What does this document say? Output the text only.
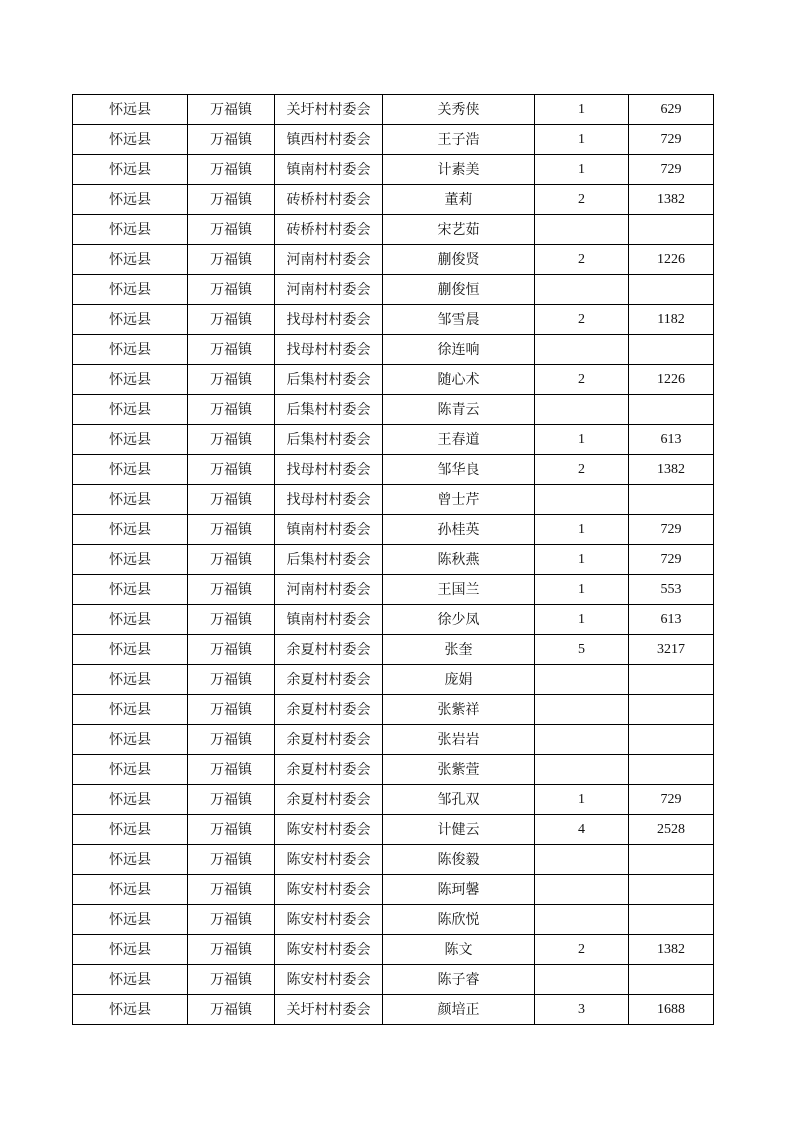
怀远县	万福镇	关圩村村委会	关秀侠	1	629
怀远县	万福镇	镇西村村委会	王子浩	1	729
怀远县	万福镇	镇南村村委会	计素美	1	729
怀远县	万福镇	砖桥村村委会	董莉	2	1382
怀远县	万福镇	砖桥村村委会	宋艺茹		
怀远县	万福镇	河南村村委会	蒯俊贤	2	1226
怀远县	万福镇	河南村村委会	蒯俊恒		
怀远县	万福镇	找母村村委会	邹雪晨	2	1182
怀远县	万福镇	找母村村委会	徐连响		
怀远县	万福镇	后集村村委会	随心术	2	1226
怀远县	万福镇	后集村村委会	陈青云		
怀远县	万福镇	后集村村委会	王春道	1	613
怀远县	万福镇	找母村村委会	邹华良	2	1382
怀远县	万福镇	找母村村委会	曾士芹		
怀远县	万福镇	镇南村村委会	孙桂英	1	729
怀远县	万福镇	后集村村委会	陈秋燕	1	729
怀远县	万福镇	河南村村委会	王国兰	1	553
怀远县	万福镇	镇南村村委会	徐少凤	1	613
怀远县	万福镇	余夏村村委会	张奎	5	3217
怀远县	万福镇	余夏村村委会	庞娟		
怀远县	万福镇	余夏村村委会	张紫祥		
怀远县	万福镇	余夏村村委会	张岩岩		
怀远县	万福镇	余夏村村委会	张紫萱		
怀远县	万福镇	余夏村村委会	邹孔双	1	729
怀远县	万福镇	陈安村村委会	计健云	4	2528
怀远县	万福镇	陈安村村委会	陈俊毅		
怀远县	万福镇	陈安村村委会	陈珂馨		
怀远县	万福镇	陈安村村委会	陈欣悦		
怀远县	万福镇	陈安村村委会	陈文	2	1382
怀远县	万福镇	陈安村村委会	陈子睿		
怀远县	万福镇	关圩村村委会	颜培正	3	1688
